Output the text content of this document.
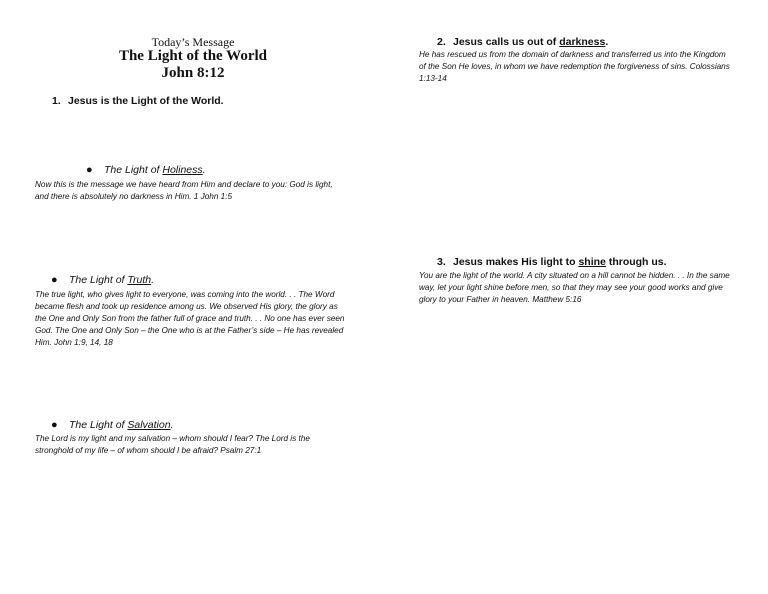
Today’s Message
The Light of the World
John 8:12
1. Jesus is the Light of the World.
● The Light of Holiness.
Now this is the message we have heard from Him and declare to you: God is light, and there is absolutely no darkness in Him. 1 John 1:5
● The Light of Truth.
The true light, who gives light to everyone, was coming into the world. . . The Word became flesh and took up residence among us. We observed His glory, the glory as the One and Only Son from the father full of grace and truth. . . No one has ever seen God. The One and Only Son – the One who is at the Father’s side – He has revealed Him. John 1:9, 14, 18
● The Light of Salvation.
The Lord is my light and my salvation – whom should I fear? The Lord is the stronghold of my life – of whom should I be afraid? Psalm 27:1
2. Jesus calls us out of darkness.
He has rescued us from the domain of darkness and transferred us into the Kingdom of the Son He loves, in whom we have redemption the forgiveness of sins. Colossians 1:13-14
3. Jesus makes His light to shine through us.
You are the light of the world. A city situated on a hill cannot be hidden. . . In the same way, let your light shine before men, so that they may see your good works and give glory to your Father in heaven. Matthew 5:16
